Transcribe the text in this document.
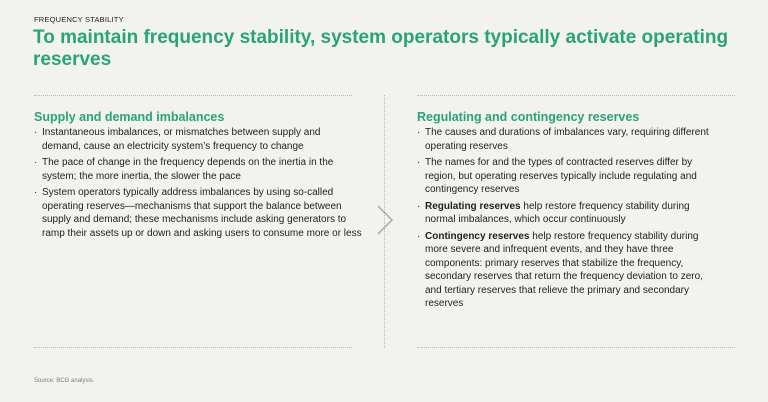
FREQUENCY STABILITY
To maintain frequency stability, system operators typically activate operating reserves
Supply and demand imbalances
· Instantaneous imbalances, or mismatches between supply and demand, cause an electricity system’s frequency to change
· The pace of change in the frequency depends on the inertia in the system; the more inertia, the slower the pace
· System operators typically address imbalances by using so-called operating reserves—mechanisms that support the balance between supply and demand; these mechanisms include asking generators to ramp their assets up or down and asking users to consume more or less
Regulating and contingency reserves
· The causes and durations of imbalances vary, requiring different operating reserves
· The names for and the types of contracted reserves differ by region, but operating reserves typically include regulating and contingency reserves
· Regulating reserves help restore frequency stability during normal imbalances, which occur continuously
· Contingency reserves help restore frequency stability during more severe and infrequent events, and they have three components: primary reserves that stabilize the frequency, secondary reserves that return the frequency deviation to zero, and tertiary reserves that relieve the primary and secondary reserves
Source: BCG analysis.
